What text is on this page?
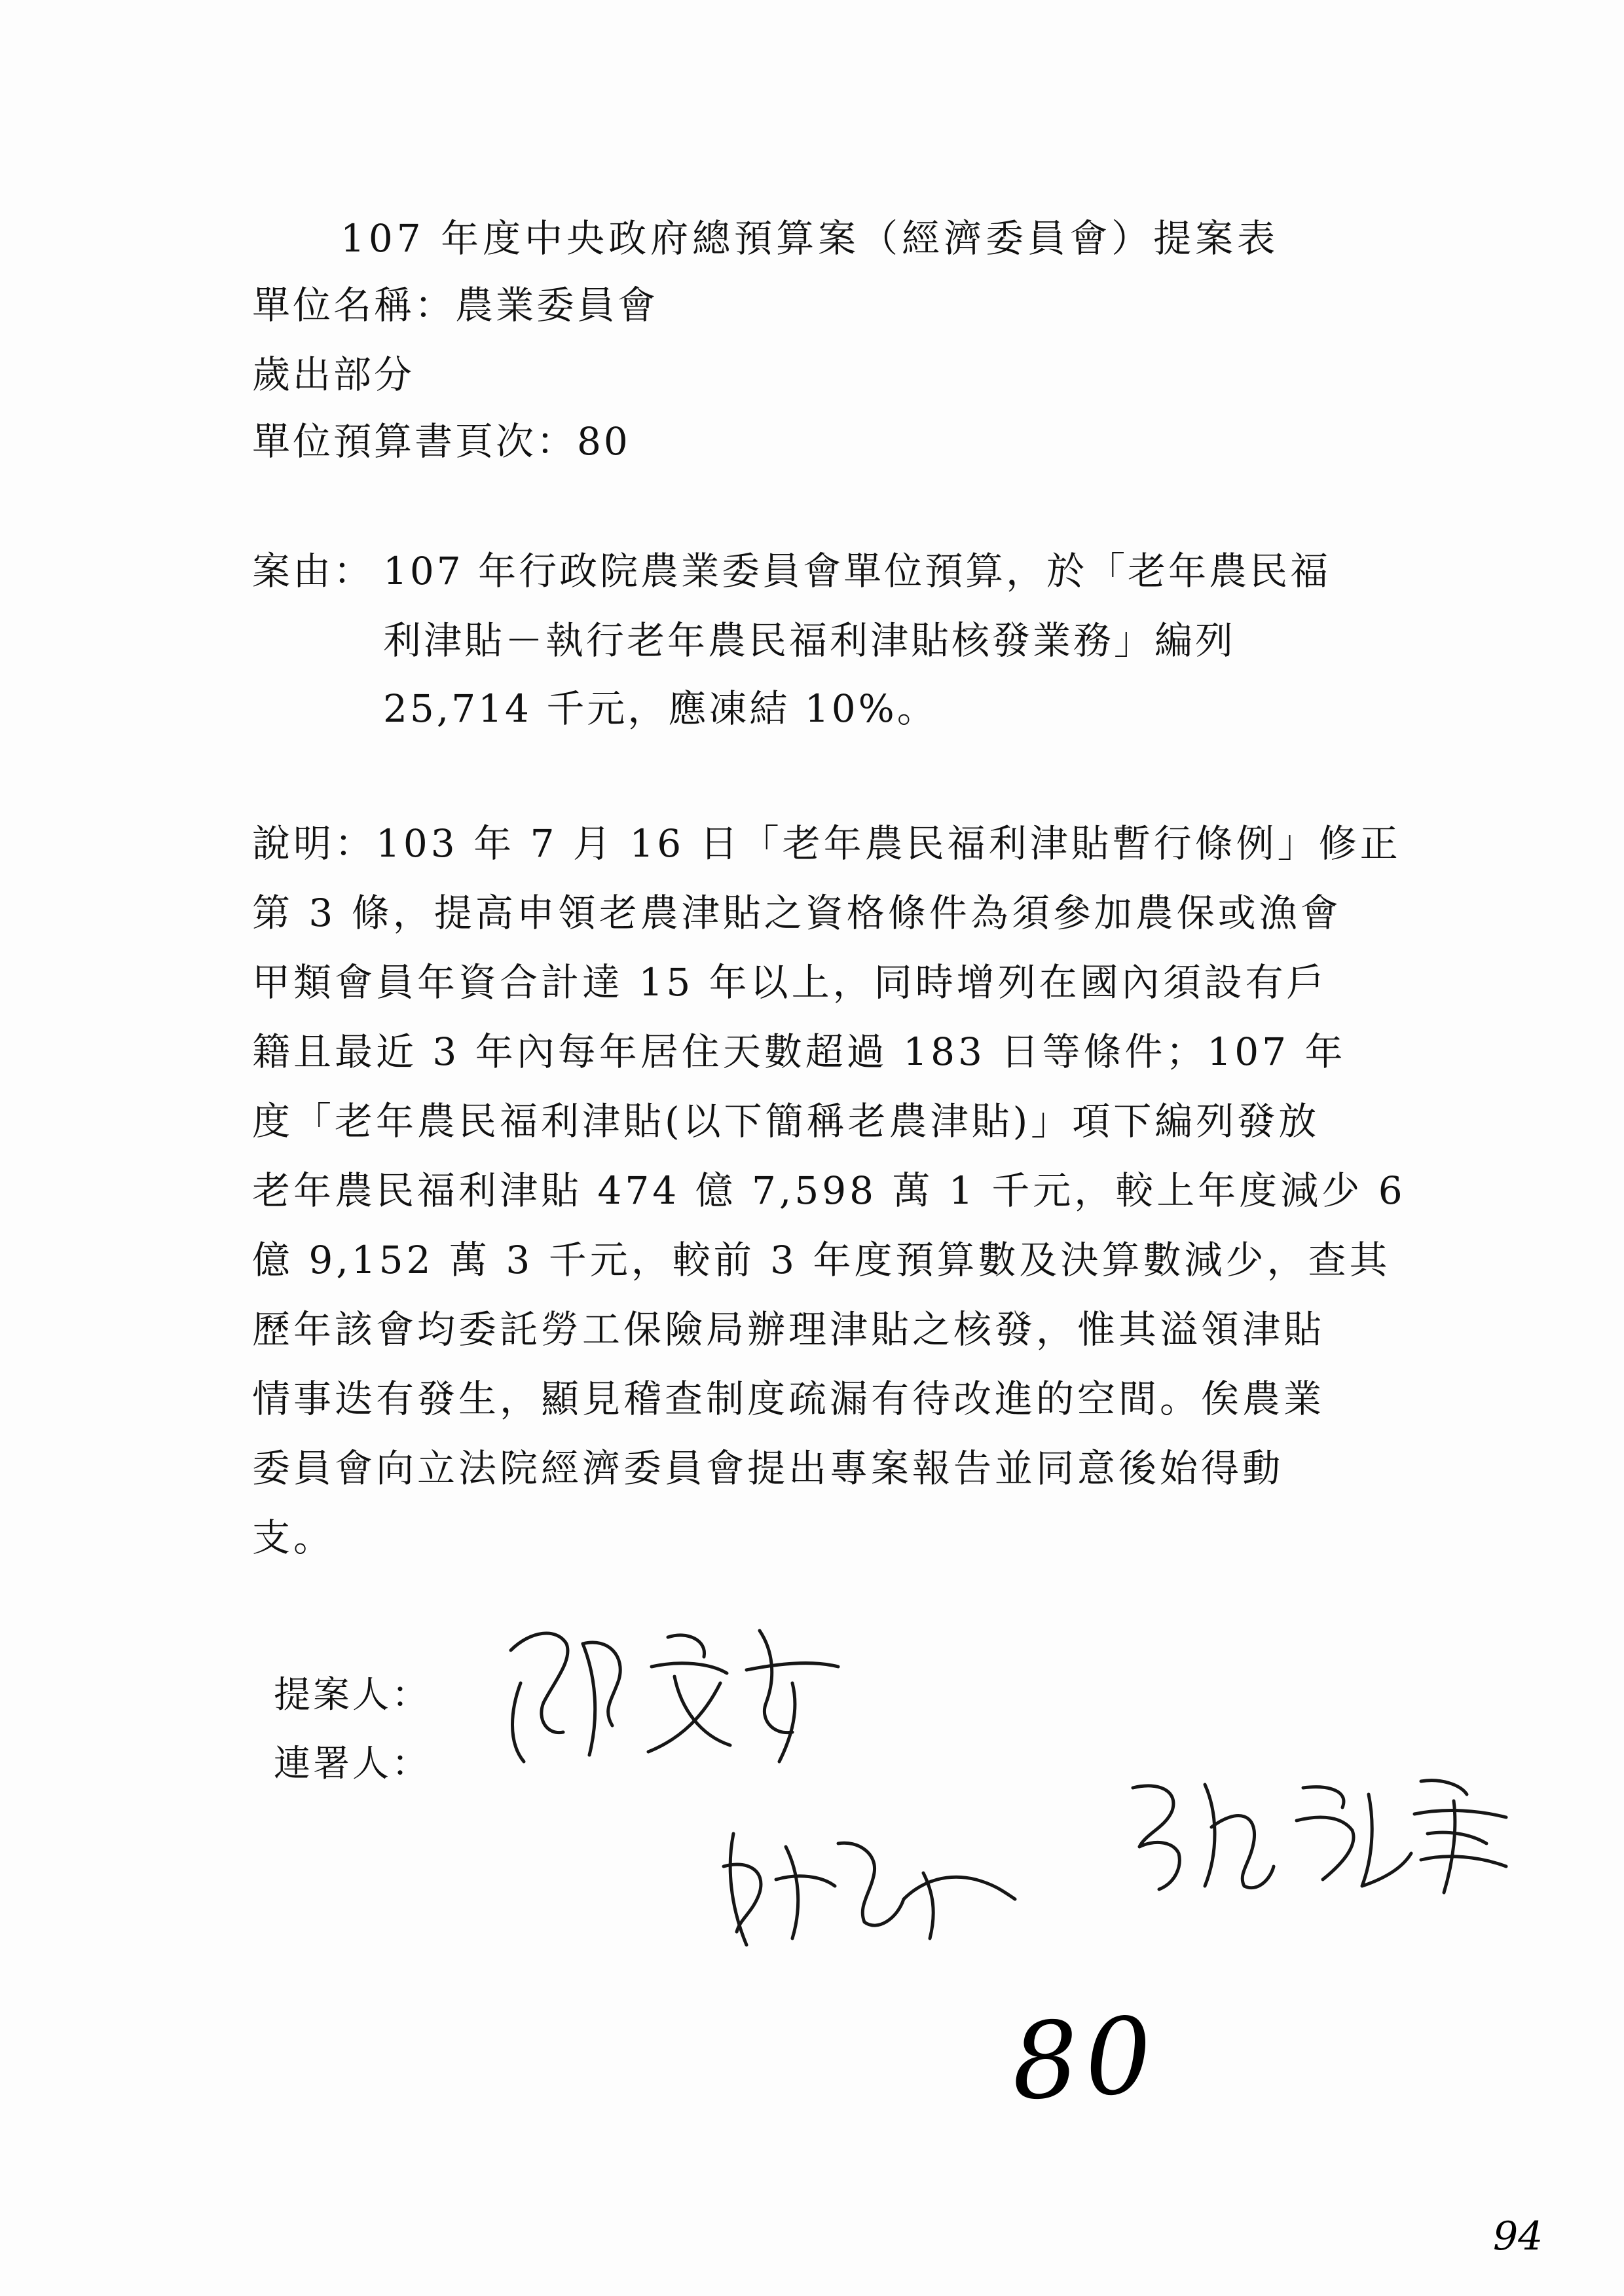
107 年度中央政府總預算案（經濟委員會）提案表
單位名稱：農業委員會
歲出部分
單位預算書頁次：80
案由： 107 年行政院農業委員會單位預算，於「老年農民福
利津貼－執行老年農民福利津貼核發業務」編列
25,714 千元，應凍結 10%。
說明：103 年 7 月 16 日「老年農民福利津貼暫行條例」修正
第 3 條，提高申領老農津貼之資格條件為須參加農保或漁會
甲類會員年資合計達 15 年以上，同時增列在國內須設有戶
籍且最近 3 年內每年居住天數超過 183 日等條件；107 年
度「老年農民福利津貼(以下簡稱老農津貼)」項下編列發放
老年農民福利津貼 474 億 7,598 萬 1 千元，較上年度減少 6
億 9,152 萬 3 千元，較前 3 年度預算數及決算數減少，查其
歷年該會均委託勞工保險局辦理津貼之核發，惟其溢領津貼
情事迭有發生，顯見稽查制度疏漏有待改進的空間。俟農業
委員會向立法院經濟委員會提出專案報告並同意後始得動
支。
提案人：
連署人：
80
94
